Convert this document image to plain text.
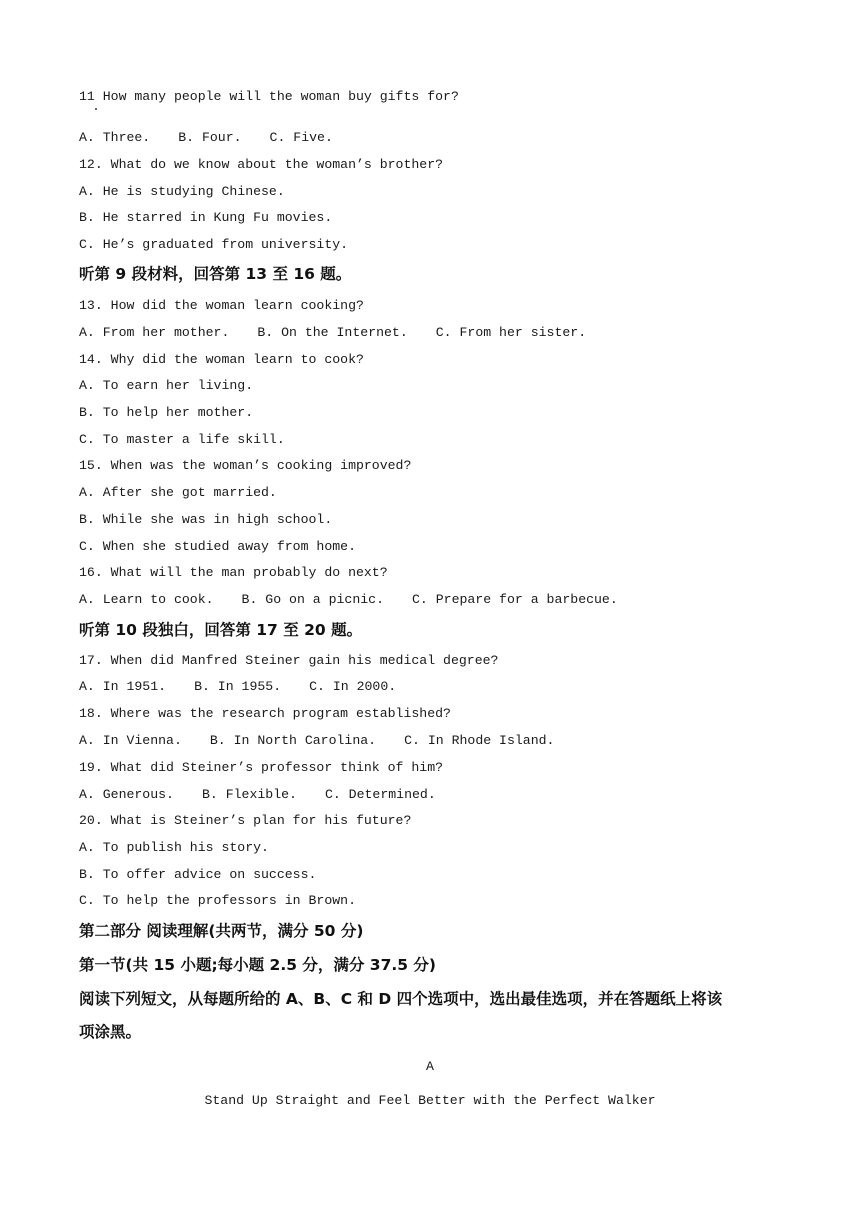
11 How many people will the woman buy gifts for?
A. Three. B. Four. C. Five.
12. What do we know about the woman’s brother?
A. He is studying Chinese.
B. He starred in Kung Fu movies.
C. He’s graduated from university.
听第 9 段材料，回答第 13 至 16 题。
13. How did the woman learn cooking?
A. From her mother. B. On the Internet. C. From her sister.
14. Why did the woman learn to cook?
A. To earn her living.
B. To help her mother.
C. To master a life skill.
15. When was the woman’s cooking improved?
A. After she got married.
B. While she was in high school.
C. When she studied away from home.
16. What will the man probably do next?
A. Learn to cook. B. Go on a picnic. C. Prepare for a barbecue.
听第 10 段独白，回答第 17 至 20 题。
17. When did Manfred Steiner gain his medical degree?
A. In 1951. B. In 1955. C. In 2000.
18. Where was the research program established?
A. In Vienna. B. In North Carolina. C. In Rhode Island.
19. What did Steiner’s professor think of him?
A. Generous. B. Flexible. C. Determined.
20. What is Steiner’s plan for his future?
A. To publish his story.
B. To offer advice on success.
C. To help the professors in Brown.
第二部分 阅读理解(共两节，满分 50 分)
第一节(共 15 小题;每小题 2.5 分，满分 37.5 分)
阅读下列短文，从每题所给的 A、B、C 和 D 四个选项中，选出最佳选项，并在答题纸上将该
项涂黑。
A
Stand Up Straight and Feel Better with the Perfect Walker
